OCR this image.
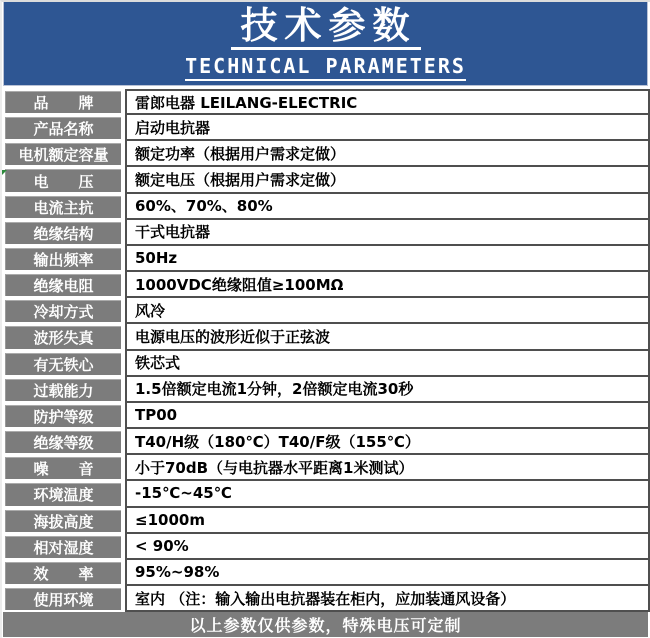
技术参数
TECHNICAL PARAMETERS
品　　牌	雷郎电器 LEILANG-ELECTRIC
产品名称	启动电抗器
电机额定容量 额定功率（根据用户需求定做）
电　　压	额定电压（根据用户需求定做）
电流主抗	60%、70%、80%
绝缘结构	干式电抗器
输出频率	50Hz
绝缘电阻	1000VDC绝缘阻值≥100MΩ
冷却方式	风冷
波形失真	电源电压的波形近似于正弦波
有无铁心	铁芯式
过载能力	1.5倍额定电流1分钟，2倍额定电流30秒
防护等级	TP00
绝缘等级	T40/H级（180℃）T40/F级（155℃）
噪　　音	小于70dB（与电抗器水平距离1米测试）
环境温度	-15℃~45℃
海拔高度	≤1000m
相对湿度	< 90%
效　　率	95%~98%
使用环境	室内 （注：输入输出电抗器装在柜内，应加装通风设备）
以上参数仅供参数，特殊电压可定制
